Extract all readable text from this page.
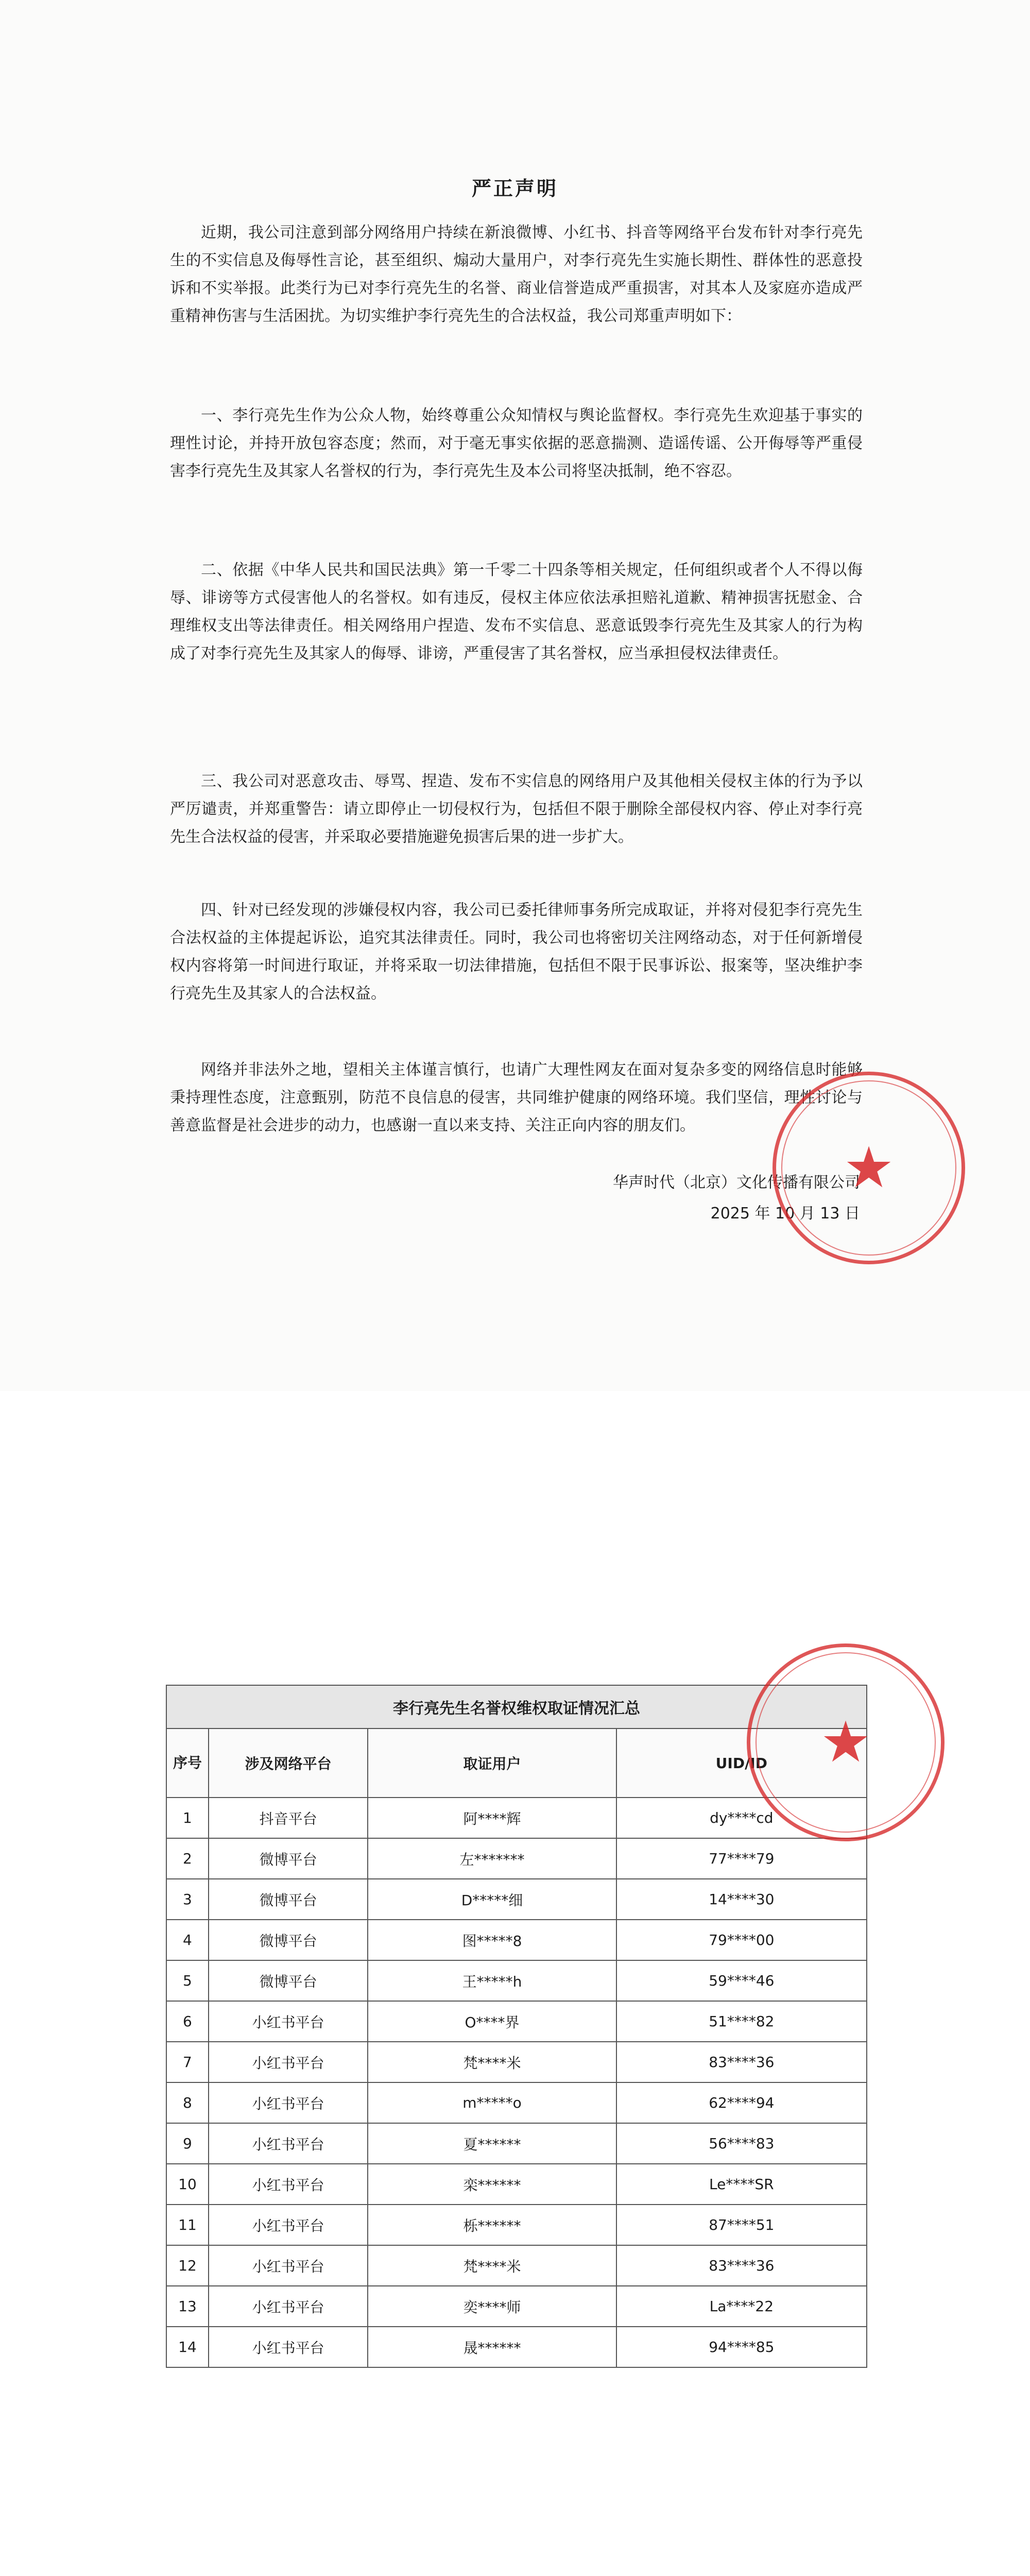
严正声明

近期，我公司注意到部分网络用户持续在新浪微博、小红书、抖音等网络平台发布针对李行亮先生的不实信息及侮辱性言论，甚至组织、煽动大量用户，对李行亮先生实施长期性、群体性的恶意投诉和不实举报。此类行为已对李行亮先生的名誉、商业信誉造成严重损害，对其本人及家庭亦造成严重精神伤害与生活困扰。为切实维护李行亮先生的合法权益，我公司郑重声明如下：

一、李行亮先生作为公众人物，始终尊重公众知情权与舆论监督权。李行亮先生欢迎基于事实的理性讨论，并持开放包容态度；然而，对于毫无事实依据的恶意揣测、造谣传谣、公开侮辱等严重侵害李行亮先生及其家人名誉权的行为，李行亮先生及本公司将坚决抵制，绝不容忍。

二、依据《中华人民共和国民法典》第一千零二十四条等相关规定，任何组织或者个人不得以侮辱、诽谤等方式侵害他人的名誉权。如有违反，侵权主体应依法承担赔礼道歉、精神损害抚慰金、合理维权支出等法律责任。相关网络用户捏造、发布不实信息、恶意诋毁李行亮先生及其家人的行为构成了对李行亮先生及其家人的侮辱、诽谤，严重侵害了其名誉权，应当承担侵权法律责任。

三、我公司对恶意攻击、辱骂、捏造、发布不实信息的网络用户及其他相关侵权主体的行为予以严厉谴责，并郑重警告：请立即停止一切侵权行为，包括但不限于删除全部侵权内容、停止对李行亮先生合法权益的侵害，并采取必要措施避免损害后果的进一步扩大。

四、针对已经发现的涉嫌侵权内容，我公司已委托律师事务所完成取证，并将对侵犯李行亮先生合法权益的主体提起诉讼，追究其法律责任。同时，我公司也将密切关注网络动态，对于任何新增侵权内容将第一时间进行取证，并将采取一切法律措施，包括但不限于民事诉讼、报案等，坚决维护李行亮先生及其家人的合法权益。

网络并非法外之地，望相关主体谨言慎行，也请广大理性网友在面对复杂多变的网络信息时能够秉持理性态度，注意甄别，防范不良信息的侵害，共同维护健康的网络环境。我们坚信，理性讨论与善意监督是社会进步的动力，也感谢一直以来支持、关注正向内容的朋友们。

华声时代（北京）文化传播有限公司
2025 年 10 月 13 日
★
李行亮先生名誉权维权取证情况汇总			
序号	涉及网络平台	取证用户	UID/ID
1	抖音平台	阿****辉	dy****cd
2	微博平台	左*******	77****79
3	微博平台	D*****细	14****30
4	微博平台	图*****8	79****00
5	微博平台	王*****h	59****46
6	小红书平台	O****界	51****82
7	小红书平台	梵****米	83****36
8	小红书平台	m*****o	62****94
9	小红书平台	夏******	56****83
10	小红书平台	栾******	Le****SR
11	小红书平台	栎******	87****51
12	小红书平台	梵****米	83****36
13	小红书平台	奕****师	La****22
14	小红书平台	晟******	94****85
★
